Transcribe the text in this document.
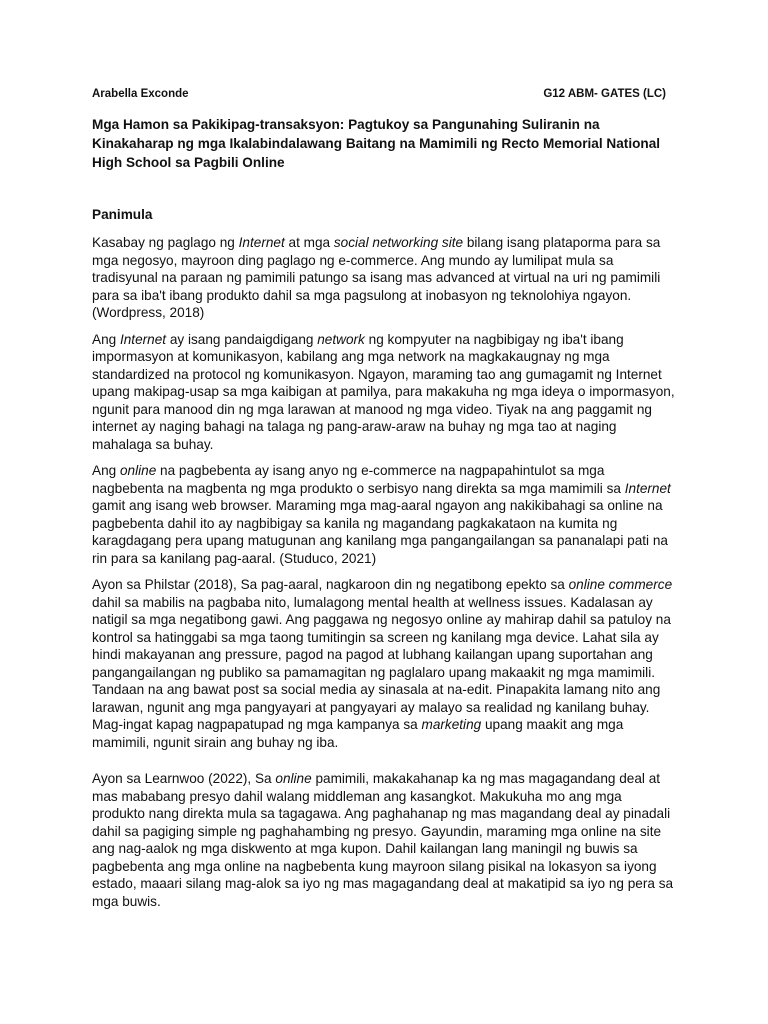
Arabella Exconde	G12 ABM- GATES (LC)
Mga Hamon sa Pakikipag-transaksyon: Pagtukoy sa Pangunahing Suliranin na Kinakaharap ng mga Ikalabindalawang Baitang na Mamimili ng Recto Memorial National High School sa Pagbili Online
Panimula

Kasabay ng paglago ng Internet at mga social networking site bilang isang plataporma para sa mga negosyo, mayroon ding paglago ng e-commerce. Ang mundo ay lumilipat mula sa tradisyunal na paraan ng pamimili patungo sa isang mas advanced at virtual na uri ng pamimili para sa iba't ibang produkto dahil sa mga pagsulong at inobasyon ng teknolohiya ngayon. (Wordpress, 2018)

Ang Internet ay isang pandaigdigang network ng kompyuter na nagbibigay ng iba't ibang impormasyon at komunikasyon, kabilang ang mga network na magkakaugnay ng mga standardized na protocol ng komunikasyon. Ngayon, maraming tao ang gumagamit ng Internet upang makipag-usap sa mga kaibigan at pamilya, para makakuha ng mga ideya o impormasyon, ngunit para manood din ng mga larawan at manood ng mga video. Tiyak na ang paggamit ng internet ay naging bahagi na talaga ng pang-araw-araw na buhay ng mga tao at naging mahalaga sa buhay.

Ang online na pagbebenta ay isang anyo ng e-commerce na nagpapahintulot sa mga nagbebenta na magbenta ng mga produkto o serbisyo nang direkta sa mga mamimili sa Internet gamit ang isang web browser. Maraming mga mag-aaral ngayon ang nakikibahagi sa online na pagbebenta dahil ito ay nagbibigay sa kanila ng magandang pagkakataon na kumita ng karagdagang pera upang matugunan ang kanilang mga pangangailangan sa pananalapi pati na rin para sa kanilang pag-aaral. (Studuco, 2021)

Ayon sa Philstar (2018), Sa pag-aaral, nagkaroon din ng negatibong epekto sa online commerce dahil sa mabilis na pagbaba nito, lumalagong mental health at wellness issues. Kadalasan ay natigil sa mga negatibong gawi. Ang paggawa ng negosyo online ay mahirap dahil sa patuloy na kontrol sa hatinggabi sa mga taong tumitingin sa screen ng kanilang mga device. Lahat sila ay hindi makayanan ang pressure, pagod na pagod at lubhang kailangan upang suportahan ang pangangailangan ng publiko sa pamamagitan ng paglalaro upang makaakit ng mga mamimili. Tandaan na ang bawat post sa social media ay sinasala at na-edit. Pinapakita lamang nito ang larawan, ngunit ang mga pangyayari at pangyayari ay malayo sa realidad ng kanilang buhay. Mag-ingat kapag nagpapatupad ng mga kampanya sa marketing upang maakit ang mga mamimili, ngunit sirain ang buhay ng iba.

Ayon sa Learnwoo (2022), Sa online pamimili, makakahanap ka ng mas magagandang deal at mas mababang presyo dahil walang middleman ang kasangkot. Makukuha mo ang mga produkto nang direkta mula sa tagagawa. Ang paghahanap ng mas magandang deal ay pinadali dahil sa pagiging simple ng paghahambing ng presyo. Gayundin, maraming mga online na site ang nag-aalok ng mga diskwento at mga kupon. Dahil kailangan lang maningil ng buwis sa pagbebenta ang mga online na nagbebenta kung mayroon silang pisikal na lokasyon sa iyong estado, maaari silang mag-alok sa iyo ng mas magagandang deal at makatipid sa iyo ng pera sa mga buwis.
